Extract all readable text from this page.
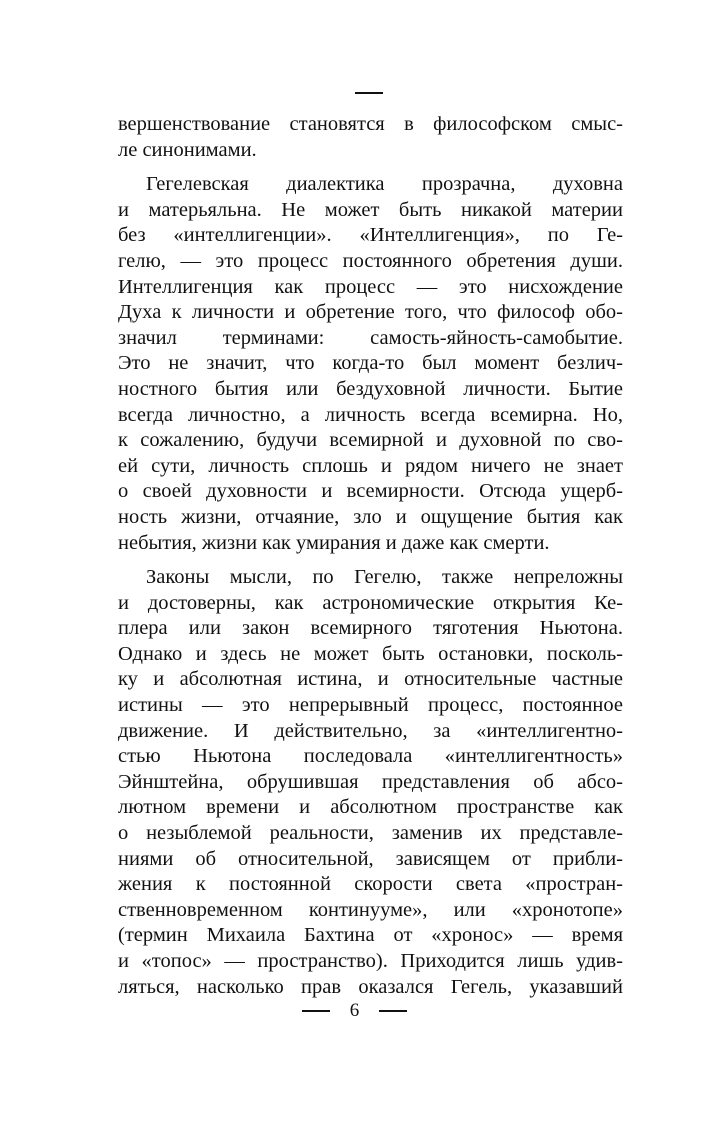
вершенствование становятся в философском смыс-
ле синонимами.
Гегелевская диалектика прозрачна, духовна
и матерьяльна. Не может быть никакой материи
без «интеллигенции». «Интеллигенция», по Ге-
гелю, — это процесс постоянного обретения души.
Интеллигенция как процесс — это нисхождение
Духа к личности и обретение того, что философ обо-
значил терминами: самость-яйность-самобытие.
Это не значит, что когда-то был момент безлич-
ностного бытия или бездуховной личности. Бытие
всегда личностно, а личность всегда всемирна. Но,
к сожалению, будучи всемирной и духовной по сво-
ей сути, личность сплошь и рядом ничего не знает
о своей духовности и всемирности. Отсюда ущерб-
ность жизни, отчаяние, зло и ощущение бытия как
небытия, жизни как умирания и даже как смерти.
Законы мысли, по Гегелю, также непреложны
и достоверны, как астрономические открытия Ке-
плера или закон всемирного тяготения Ньютона.
Однако и здесь не может быть остановки, посколь-
ку и абсолютная истина, и относительные частные
истины — это непрерывный процесс, постоянное
движение. И действительно, за «интеллигентно-
стью Ньютона последовала «интеллигентность»
Эйнштейна, обрушившая представления об абсо-
лютном времени и абсолютном пространстве как
о незыблемой реальности, заменив их представле-
ниями об относительной, зависящем от прибли-
жения к постоянной скорости света «простран-
ственновременном континууме», или «хронотопе»
(термин Михаила Бахтина от «хронос» — время
и «топос» — пространство). Приходится лишь удив-
ляться, насколько прав оказался Гегель, указавший
6
